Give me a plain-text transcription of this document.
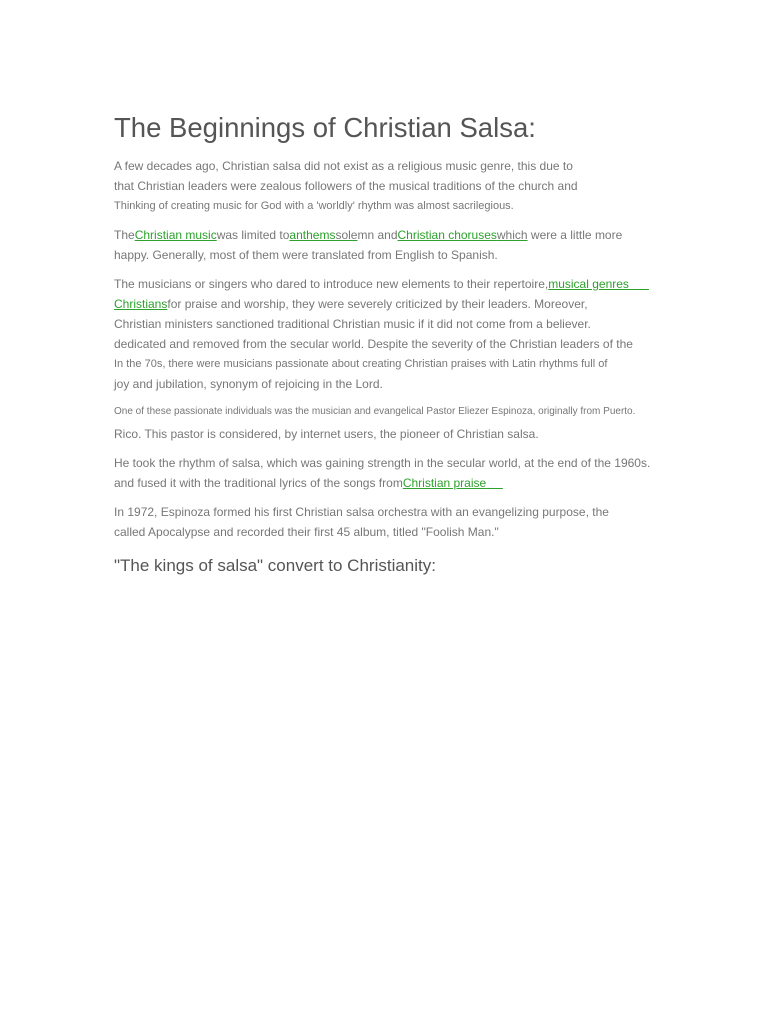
The Beginnings of Christian Salsa:
A few decades ago, Christian salsa did not exist as a religious music genre, this due to
that Christian leaders were zealous followers of the musical traditions of the church and
Thinking of creating music for God with a 'worldly' rhythm was almost sacrilegious.
TheChristian musicwas limited toanthemssolemn andChristian choruseswhich were a little more
happy. Generally, most of them were translated from English to Spanish.
The musicians or singers who dared to introduce new elements to their repertoire,musical genres
Christiansfor praise and worship, they were severely criticized by their leaders. Moreover,
Christian ministers sanctioned traditional Christian music if it did not come from a believer.
dedicated and removed from the secular world. Despite the severity of the Christian leaders of the
In the 70s, there were musicians passionate about creating Christian praises with Latin rhythms full of
joy and jubilation, synonym of rejoicing in the Lord.
One of these passionate individuals was the musician and evangelical Pastor Eliezer Espinoza, originally from Puerto.
Rico. This pastor is considered, by internet users, the pioneer of Christian salsa.
He took the rhythm of salsa, which was gaining strength in the secular world, at the end of the 1960s.
and fused it with the traditional lyrics of the songs fromChristian praise
In 1972, Espinoza formed his first Christian salsa orchestra with an evangelizing purpose, the
called Apocalypse and recorded their first 45 album, titled "Foolish Man."
"The kings of salsa" convert to Christianity:
